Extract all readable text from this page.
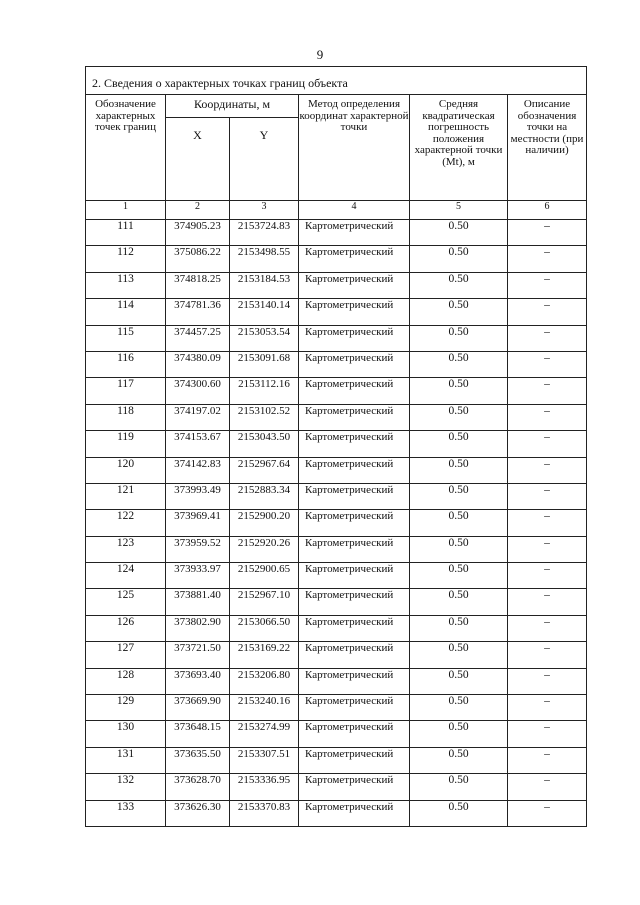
9
2. Сведения о характерных точках границ объекта					
Обозначение характерных точек границ	Координаты, м		Метод определения координат характерной точки	Средняя квадратическая погрешность положения характерной точки (Mt), м	Описание обозначения точки на местности (при наличии)
	X	Y			
1	2	3	4	5	6
111	374905.23	2153724.83	Картометрический	0.50	–
112	375086.22	2153498.55	Картометрический	0.50	–
113	374818.25	2153184.53	Картометрический	0.50	–
114	374781.36	2153140.14	Картометрический	0.50	–
115	374457.25	2153053.54	Картометрический	0.50	–
116	374380.09	2153091.68	Картометрический	0.50	–
117	374300.60	2153112.16	Картометрический	0.50	–
118	374197.02	2153102.52	Картометрический	0.50	–
119	374153.67	2153043.50	Картометрический	0.50	–
120	374142.83	2152967.64	Картометрический	0.50	–
121	373993.49	2152883.34	Картометрический	0.50	–
122	373969.41	2152900.20	Картометрический	0.50	–
123	373959.52	2152920.26	Картометрический	0.50	–
124	373933.97	2152900.65	Картометрический	0.50	–
125	373881.40	2152967.10	Картометрический	0.50	–
126	373802.90	2153066.50	Картометрический	0.50	–
127	373721.50	2153169.22	Картометрический	0.50	–
128	373693.40	2153206.80	Картометрический	0.50	–
129	373669.90	2153240.16	Картометрический	0.50	–
130	373648.15	2153274.99	Картометрический	0.50	–
131	373635.50	2153307.51	Картометрический	0.50	–
132	373628.70	2153336.95	Картометрический	0.50	–
133	373626.30	2153370.83	Картометрический	0.50	–
